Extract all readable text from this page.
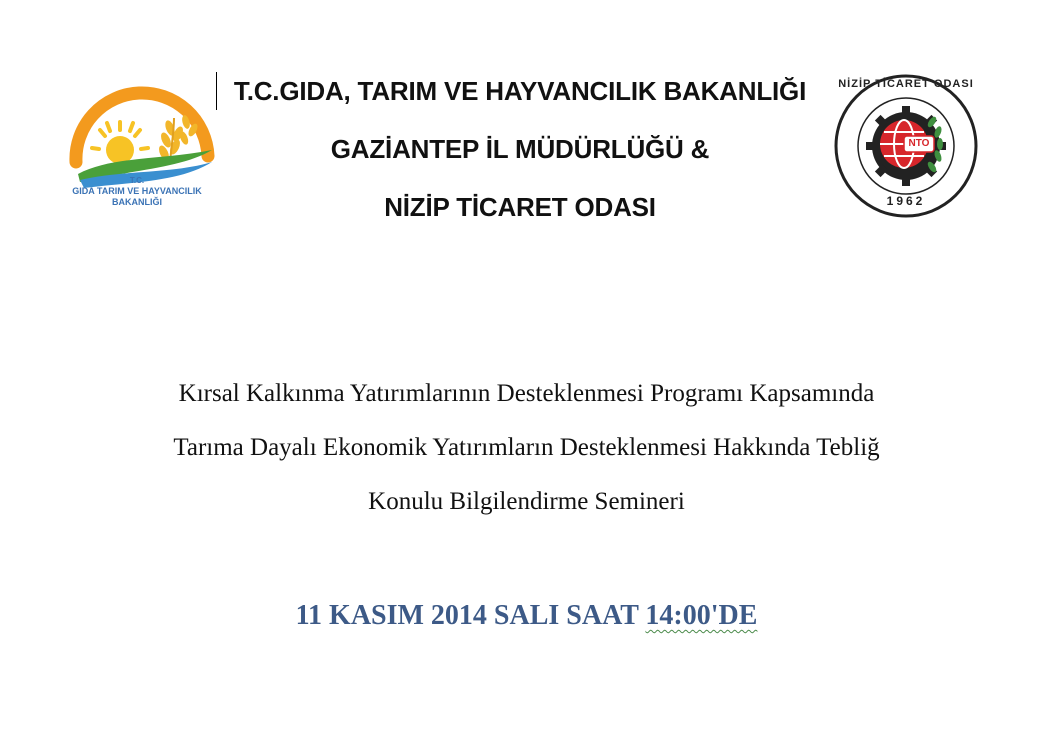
T.C.
GIDA TARIM VE HAYVANCILIK
BAKANLIĞI
T.C.GIDA, TARIM VE HAYVANCILIK BAKANLIĞI
GAZİANTEP İL MÜDÜRLÜĞÜ &
NİZİP TİCARET ODASI
NİZİP TİCARET ODASI
NTO
1962
Kırsal Kalkınma Yatırımlarının Desteklenmesi Programı Kapsamında
Tarıma Dayalı Ekonomik Yatırımların Desteklenmesi Hakkında Tebliğ
Konulu Bilgilendirme Semineri
11 KASIM 2014 SALI SAAT 14:00'DE
